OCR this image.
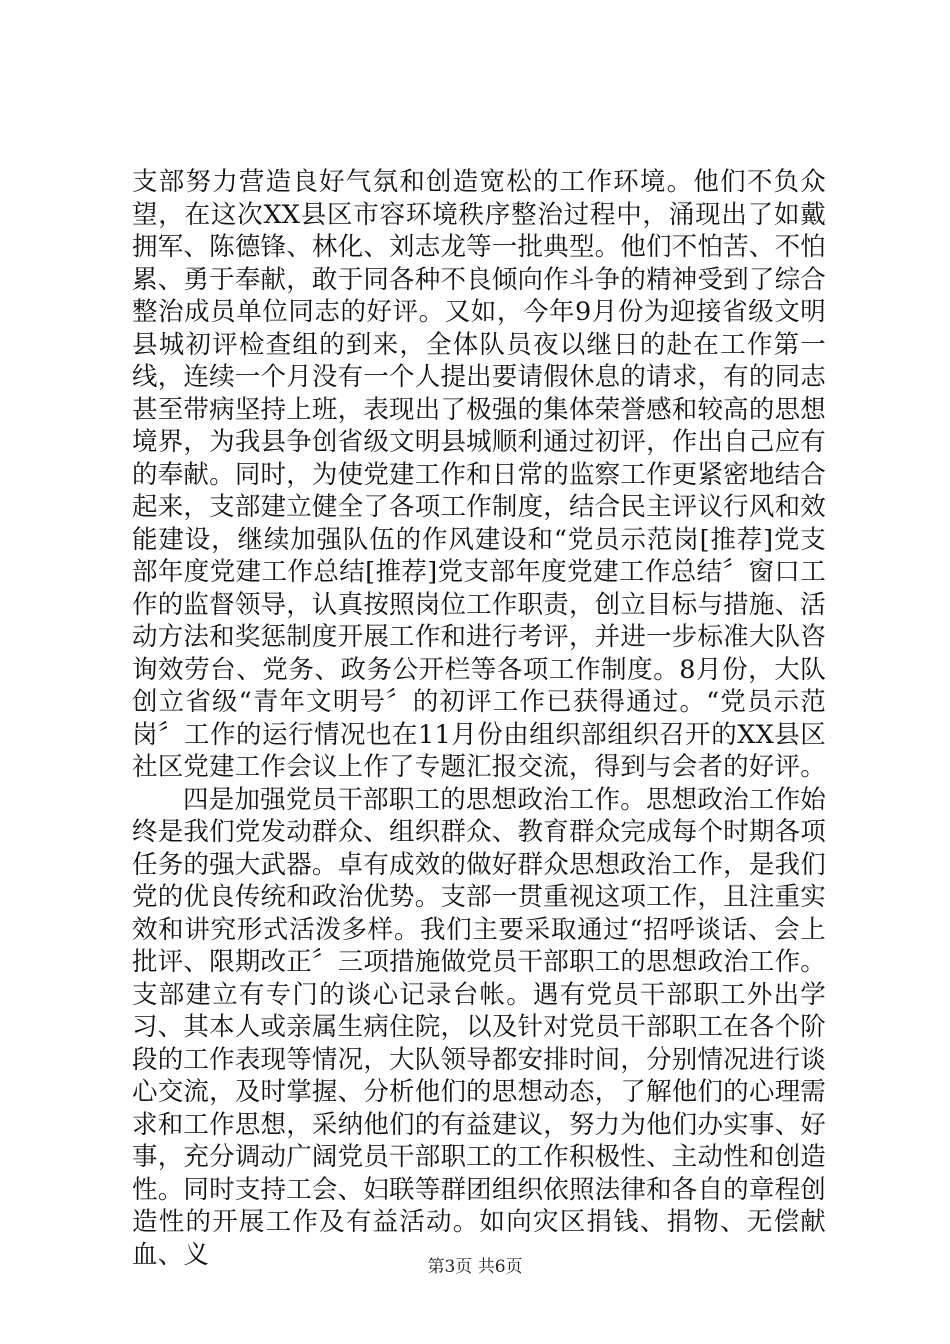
支部努力营造良好气氛和创造宽松的工作环境。他们不负众望，在这次XX县区市容环境秩序整治过程中，涌现出了如戴拥军、陈德锋、林化、刘志龙等一批典型。他们不怕苦、不怕累、勇于奉献，敢于同各种不良倾向作斗争的精神受到了综合整治成员单位同志的好评。又如，今年9月份为迎接省级文明县城初评检查组的到来，全体队员夜以继日的赴在工作第一线，连续一个月没有一个人提出要请假休息的请求，有的同志甚至带病坚持上班，表现出了极强的集体荣誉感和较高的思想境界，为我县争创省级文明县城顺利通过初评，作出自己应有的奉献。同时，为使党建工作和日常的监察工作更紧密地结合起来，支部建立健全了各项工作制度，结合民主评议行风和效能建设，继续加强队伍的作风建设和“党员示范岗[推荐]党支部年度党建工作总结[推荐]党支部年度党建工作总结〞窗口工作的监督领导，认真按照岗位工作职责，创立目标与措施、活动方法和奖惩制度开展工作和进行考评，并进一步标准大队咨询效劳台、党务、政务公开栏等各项工作制度。8月份，大队创立省级“青年文明号〞的初评工作已获得通过。“党员示范岗〞工作的运行情况也在11月份由组织部组织召开的XX县区社区党建工作会议上作了专题汇报交流，得到与会者的好评。

四是加强党员干部职工的思想政治工作。思想政治工作始终是我们党发动群众、组织群众、教育群众完成每个时期各项任务的强大武器。卓有成效的做好群众思想政治工作，是我们党的优良传统和政治优势。支部一贯重视这项工作，且注重实效和讲究形式活泼多样。我们主要采取通过“招呼谈话、会上批评、限期改正〞三项措施做党员干部职工的思想政治工作。支部建立有专门的谈心记录台帐。遇有党员干部职工外出学习、其本人或亲属生病住院，以及针对党员干部职工在各个阶段的工作表现等情况，大队领导都安排时间，分别情况进行谈心交流，及时掌握、分析他们的思想动态，了解他们的心理需求和工作思想，采纳他们的有益建议，努力为他们办实事、好事，充分调动广阔党员干部职工的工作积极性、主动性和创造性。同时支持工会、妇联等群团组织依照法律和各自的章程创造性的开展工作及有益活动。如向灾区捐钱、捐物、无偿献血、义	第3页 共6页
